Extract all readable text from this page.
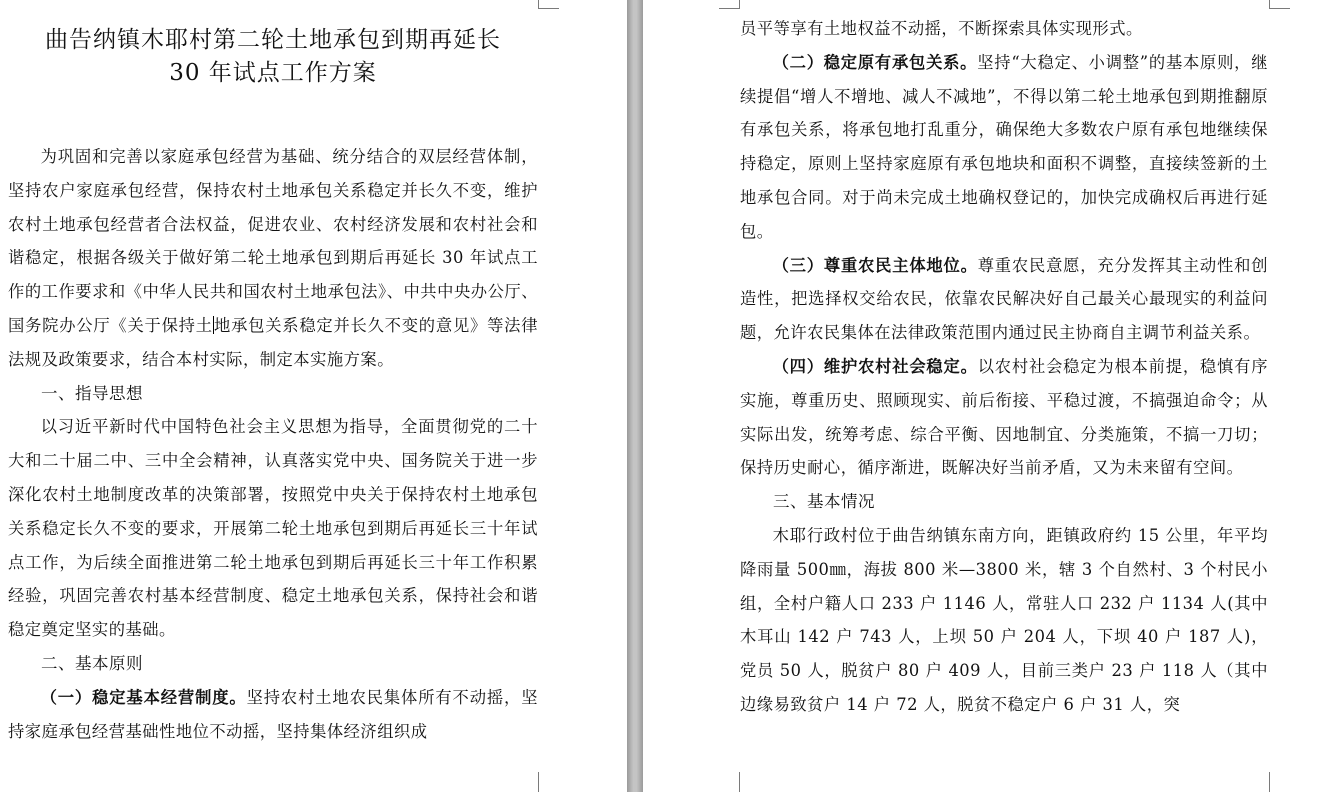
曲告纳镇木耶村第二轮土地承包到期再延长
30 年试点工作方案

为巩固和完善以家庭承包经营为基础、统分结合的双层经营体制，坚持农户家庭承包经营，保持农村土地承包关系稳定并长久不变，维护农村土地承包经营者合法权益，促进农业、农村经济发展和农村社会和谐稳定，根据各级关于做好第二轮土地承包到期后再延长 30 年试点工作的工作要求和《中华人民共和国农村土地承包法》、中共中央办公厅、国务院办公厅《关于保持土地承包关系稳定并长久不变的意见》等法律法规及政策要求，结合本村实际，制定本实施方案。

一、指导思想

以习近平新时代中国特色社会主义思想为指导，全面贯彻党的二十大和二十届二中、三中全会精神，认真落实党中央、国务院关于进一步深化农村土地制度改革的决策部署，按照党中央关于保持农村土地承包关系稳定长久不变的要求，开展第二轮土地承包到期后再延长三十年试点工作，为后续全面推进第二轮土地承包到期后再延长三十年工作积累经验，巩固完善农村基本经营制度、稳定土地承包关系，保持社会和谐稳定奠定坚实的基础。

二、基本原则

（一）稳定基本经营制度。坚持农村土地农民集体所有不动摇，坚持家庭承包经营基础性地位不动摇，坚持集体经济组织成

员平等享有土地权益不动摇，不断探索具体实现形式。

（二）稳定原有承包关系。坚持“大稳定、小调整”的基本原则，继续提倡“增人不增地、减人不减地”，不得以第二轮土地承包到期推翻原有承包关系，将承包地打乱重分，确保绝大多数农户原有承包地继续保持稳定，原则上坚持家庭原有承包地块和面积不调整，直接续签新的土地承包合同。对于尚未完成土地确权登记的，加快完成确权后再进行延包。

（三）尊重农民主体地位。尊重农民意愿，充分发挥其主动性和创造性，把选择权交给农民，依靠农民解决好自己最关心最现实的利益问题，允许农民集体在法律政策范围内通过民主协商自主调节利益关系。

（四）维护农村社会稳定。以农村社会稳定为根本前提，稳慎有序实施，尊重历史、照顾现实、前后衔接、平稳过渡，不搞强迫命令；从实际出发，统筹考虑、综合平衡、因地制宜、分类施策，不搞一刀切；保持历史耐心，循序渐进，既解决好当前矛盾，又为未来留有空间。

三、基本情况

木耶行政村位于曲告纳镇东南方向，距镇政府约 15 公里，年平均降雨量 500㎜，海拔 800 米—3800 米，辖 3 个自然村、3 个村民小组，全村户籍人口 233 户 1146 人，常驻人口 232 户 1134 人(其中木耳山 142 户 743 人，上坝 50 户 204 人，下坝 40 户 187 人)，党员 50 人，脱贫户 80 户 409 人，目前三类户 23 户 118 人（其中边缘易致贫户 14 户 72 人，脱贫不稳定户 6 户 31 人，突
